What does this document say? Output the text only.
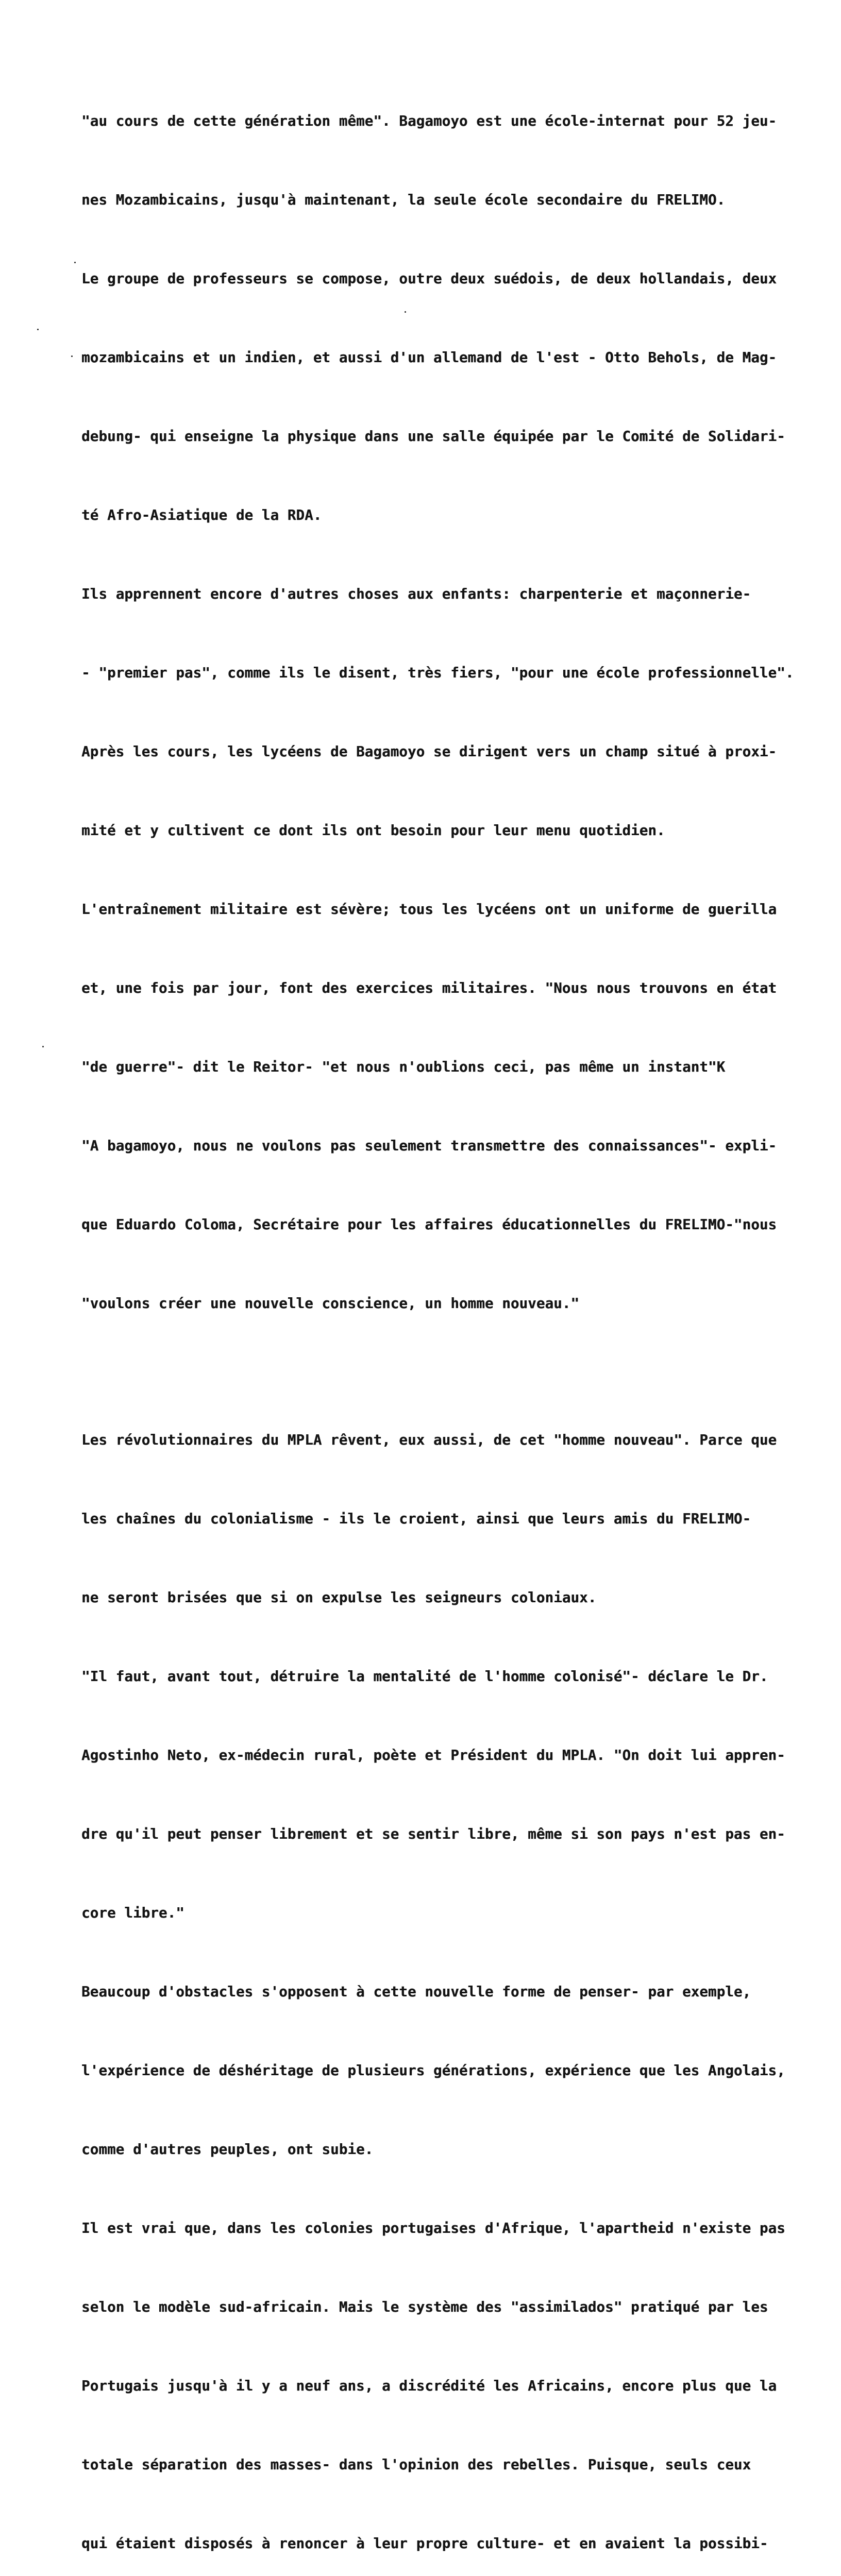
"au cours de cette génération même". Bagamoyo est une école-internat pour 52 jeu-

nes Mozambicains, jusqu'à maintenant, la seule école secondaire du FRELIMO.

Le groupe de professeurs se compose, outre deux suédois, de deux hollandais, deux

mozambicains et un indien, et aussi d'un allemand de l'est - Otto Behols, de Mag-

debung- qui enseigne la physique dans une salle équipée par le Comité de Solidari-

té Afro-Asiatique de la RDA.

Ils apprennent encore d'autres choses aux enfants: charpenterie et maçonnerie-

- "premier pas", comme ils le disent, très fiers, "pour une école professionnelle".

Après les cours, les lycéens de Bagamoyo se dirigent vers un champ situé à proxi-

mité et y cultivent ce dont ils ont besoin pour leur menu quotidien.

L'entraînement militaire est sévère; tous les lycéens ont un uniforme de guerilla

et, une fois par jour, font des exercices militaires. "Nous nous trouvons en état

"de guerre"- dit le Reitor- "et nous n'oublions ceci, pas même un instant"K

"A bagamoyo, nous ne voulons pas seulement transmettre des connaissances"- expli-

que Eduardo Coloma, Secrétaire pour les affaires éducationnelles du FRELIMO-"nous

"voulons créer une nouvelle conscience, un homme nouveau."

Les révolutionnaires du MPLA rêvent, eux aussi, de cet "homme nouveau". Parce que

les chaînes du colonialisme - ils le croient, ainsi que leurs amis du FRELIMO-

ne seront brisées que si on expulse les seigneurs coloniaux.

"Il faut, avant tout, détruire la mentalité de l'homme colonisé"- déclare le Dr.

Agostinho Neto, ex-médecin rural, poète et Président du MPLA. "On doit lui appren-

dre qu'il peut penser librement et se sentir libre, même si son pays n'est pas en-

core libre."

Beaucoup d'obstacles s'opposent à cette nouvelle forme de penser- par exemple,

l'expérience de déshéritage de plusieurs générations, expérience que les Angolais,

comme d'autres peuples, ont subie.

Il est vrai que, dans les colonies portugaises d'Afrique, l'apartheid n'existe pas

selon le modèle sud-africain. Mais le système des "assimilados" pratiqué par les

Portugais jusqu'à il y a neuf ans, a discrédité les Africains, encore plus que la

totale séparation des masses- dans l'opinion des rebelles. Puisque, seuls ceux

qui étaient disposés à renoncer à leur propre culture- et en avaient la possibi-
